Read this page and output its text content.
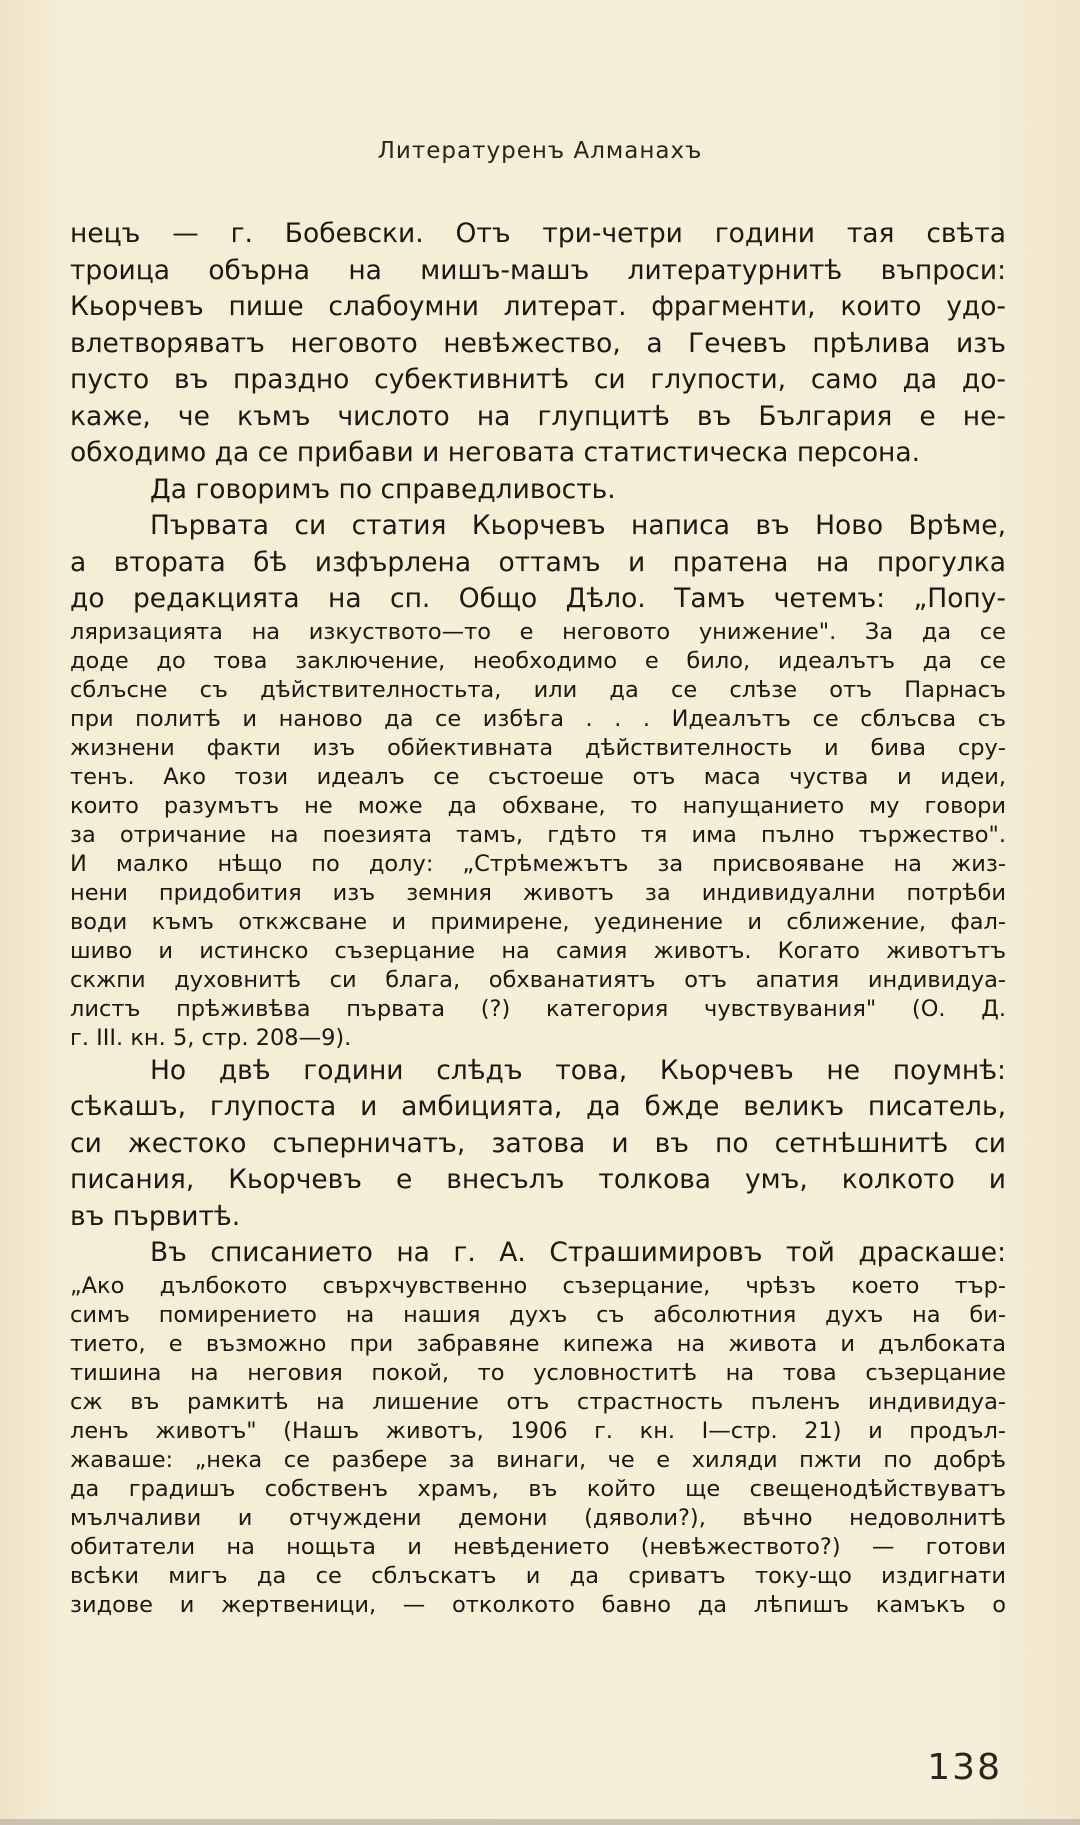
Литературенъ Алманахъ
нецъ — г. Бобевски. Отъ три-четри години тая свѣта
троица обърна на мишъ-машъ литературнитѣ въпроси:
Кьорчевъ пише слабоумни литерат. фрагменти, които удо-
влетворяватъ неговото невѣжество, а Гечевъ прѣлива изъ
пусто въ праздно субективнитѣ си глупости, само да до-
каже, че къмъ числото на глупцитѣ въ България е не-
обходимо да се прибави и неговата статистическа персона.
Да говоримъ по справедливость.
Първата си статия Кьорчевъ написа въ Ново Врѣме,
а втората бѣ изфърлена оттамъ и пратена на прогулка
до редакцията на сп. Общо Дѣло. Тамъ четемъ: „Попу-
ляризацията на изкуството—то е неговото унижение". За да се
доде до това заключение, необходимо е било, идеалътъ да се
сблъсне съ дѣйствителностьта, или да се слѣзе отъ Парнасъ
при политѣ и наново да се избѣга . . . Идеалътъ се сблъсва съ
жизнени факти изъ обйективната дѣйствителность и бива сру-
тенъ. Ако този идеалъ се състоеше отъ маса чуства и идеи,
които разумътъ не може да обхване, то напущанието му говори
за отричание на поезията тамъ, гдѣто тя има пълно тържество".
И малко нѣщо по долу: „Стрѣмежътъ за присвояване на жиз-
нени придобития изъ земния животъ за индивидуални потрѣби
води къмъ откжсване и примирене, уединение и сближение, фал-
шиво и истинско съзерцание на самия животъ. Когато животътъ
скжпи духовнитѣ си блага, обхванатиятъ отъ апатия индивидуа-
листъ прѣживѣва първата (?) категория чувствувания" (О. Д.
г. III. кн. 5, стр. 208—9).
Но двѣ години слѣдъ това, Кьорчевъ не поумнѣ:
сѣкашъ, глупоста и амбицията, да бжде великъ писатель,
си жестоко съперничатъ, затова и въ по сетнѣшнитѣ си
писания, Кьорчевъ е внесълъ толкова умъ, колкото и
въ първитѣ.
Въ списанието на г. А. Страшимировъ той драскаше:
„Ако дълбокото свърхчувственно съзерцание, чрѣзъ което тър-
симъ помирението на нашия духъ съ абсолютния духъ на би-
тието, е възможно при забравяне кипежа на живота и дълбоката
тишина на неговия покой, то условноститѣ на това съзерцание
сж въ рамкитѣ на лишение отъ страстность пъленъ индивидуа-
ленъ животъ" (Нашъ животъ, 1906 г. кн. I—стр. 21) и продъл-
жаваше: „нека се разбере за винаги, че е хиляди пжти по добрѣ
да градишъ собственъ храмъ, въ който ще свещенодѣйствуватъ
мълчаливи и отчуждени демони (дяволи?), вѣчно недоволнитѣ
обитатели на нощьта и невѣдението (невѣжеството?) — готови
всѣки мигъ да се сблъскатъ и да сриватъ току-що издигнати
зидове и жертвеници, — отколкото бавно да лѣпишъ камъкъ о
138
